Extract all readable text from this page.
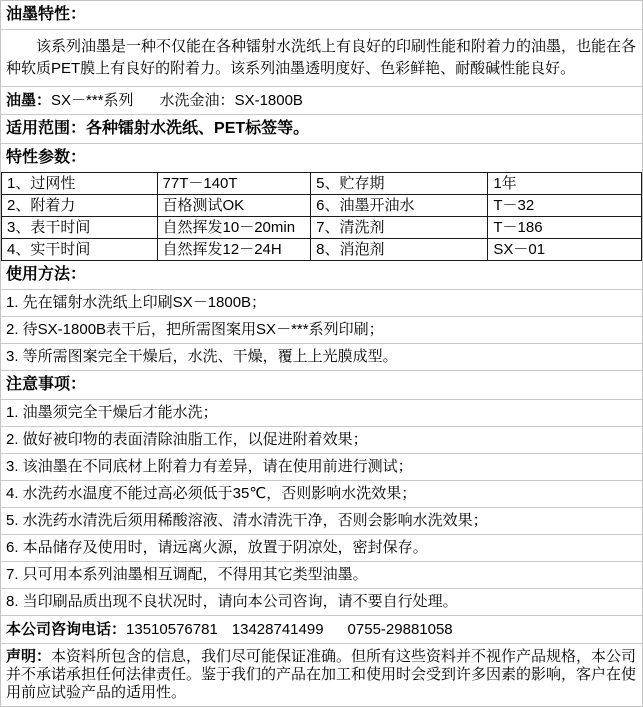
油墨特性：

该系列油墨是一种不仅能在各种镭射水洗纸上有良好的印刷性能和附着力的油墨，也能在各种软质PET膜上有良好的附着力。该系列油墨透明度好、色彩鲜艳、耐酸碱性能良好。

油墨：SX－***系列 水洗金油：SX-1800B
适用范围：各种镭射水洗纸、PET标签等。
特性参数：
1、过网性	77T－140T	5、贮存期	1年
2、附着力	百格测试OK	6、油墨开油水	T－32
3、表干时间	自然挥发10－20min	7、清洗剂	T－186
4、实干时间	自然挥发12－24H	8、消泡剂	SX－01
使用方法：
1. 先在镭射水洗纸上印刷SX－1800B；
2. 待SX-1800B表干后，把所需图案用SX－***系列印刷；
3. 等所需图案完全干燥后，水洗、干燥，覆上上光膜成型。
注意事项：
1. 油墨须完全干燥后才能水洗；
2. 做好被印物的表面清除油脂工作，以促进附着效果；
3. 该油墨在不同底材上附着力有差异，请在使用前进行测试；
4. 水洗药水温度不能过高必须低于35℃，否则影响水洗效果；
5. 水洗药水清洗后须用稀酸溶液、清水清洗干净，否则会影响水洗效果；
6. 本品储存及使用时，请远离火源，放置于阴凉处，密封保存。
7. 只可用本系列油墨相互调配，不得用其它类型油墨。
8. 当印刷品质出现不良状况时，请向本公司咨询，请不要自行处理。
本公司咨询电话：13510576781 13428741499 0755-29881058

声明：本资料所包含的信息，我们尽可能保证准确。但所有这些资料并不视作产品规格，本公司并不承诺承担任何法律责任。鉴于我们的产品在加工和使用时会受到许多因素的影响，客户在使用前应试验产品的适用性。
